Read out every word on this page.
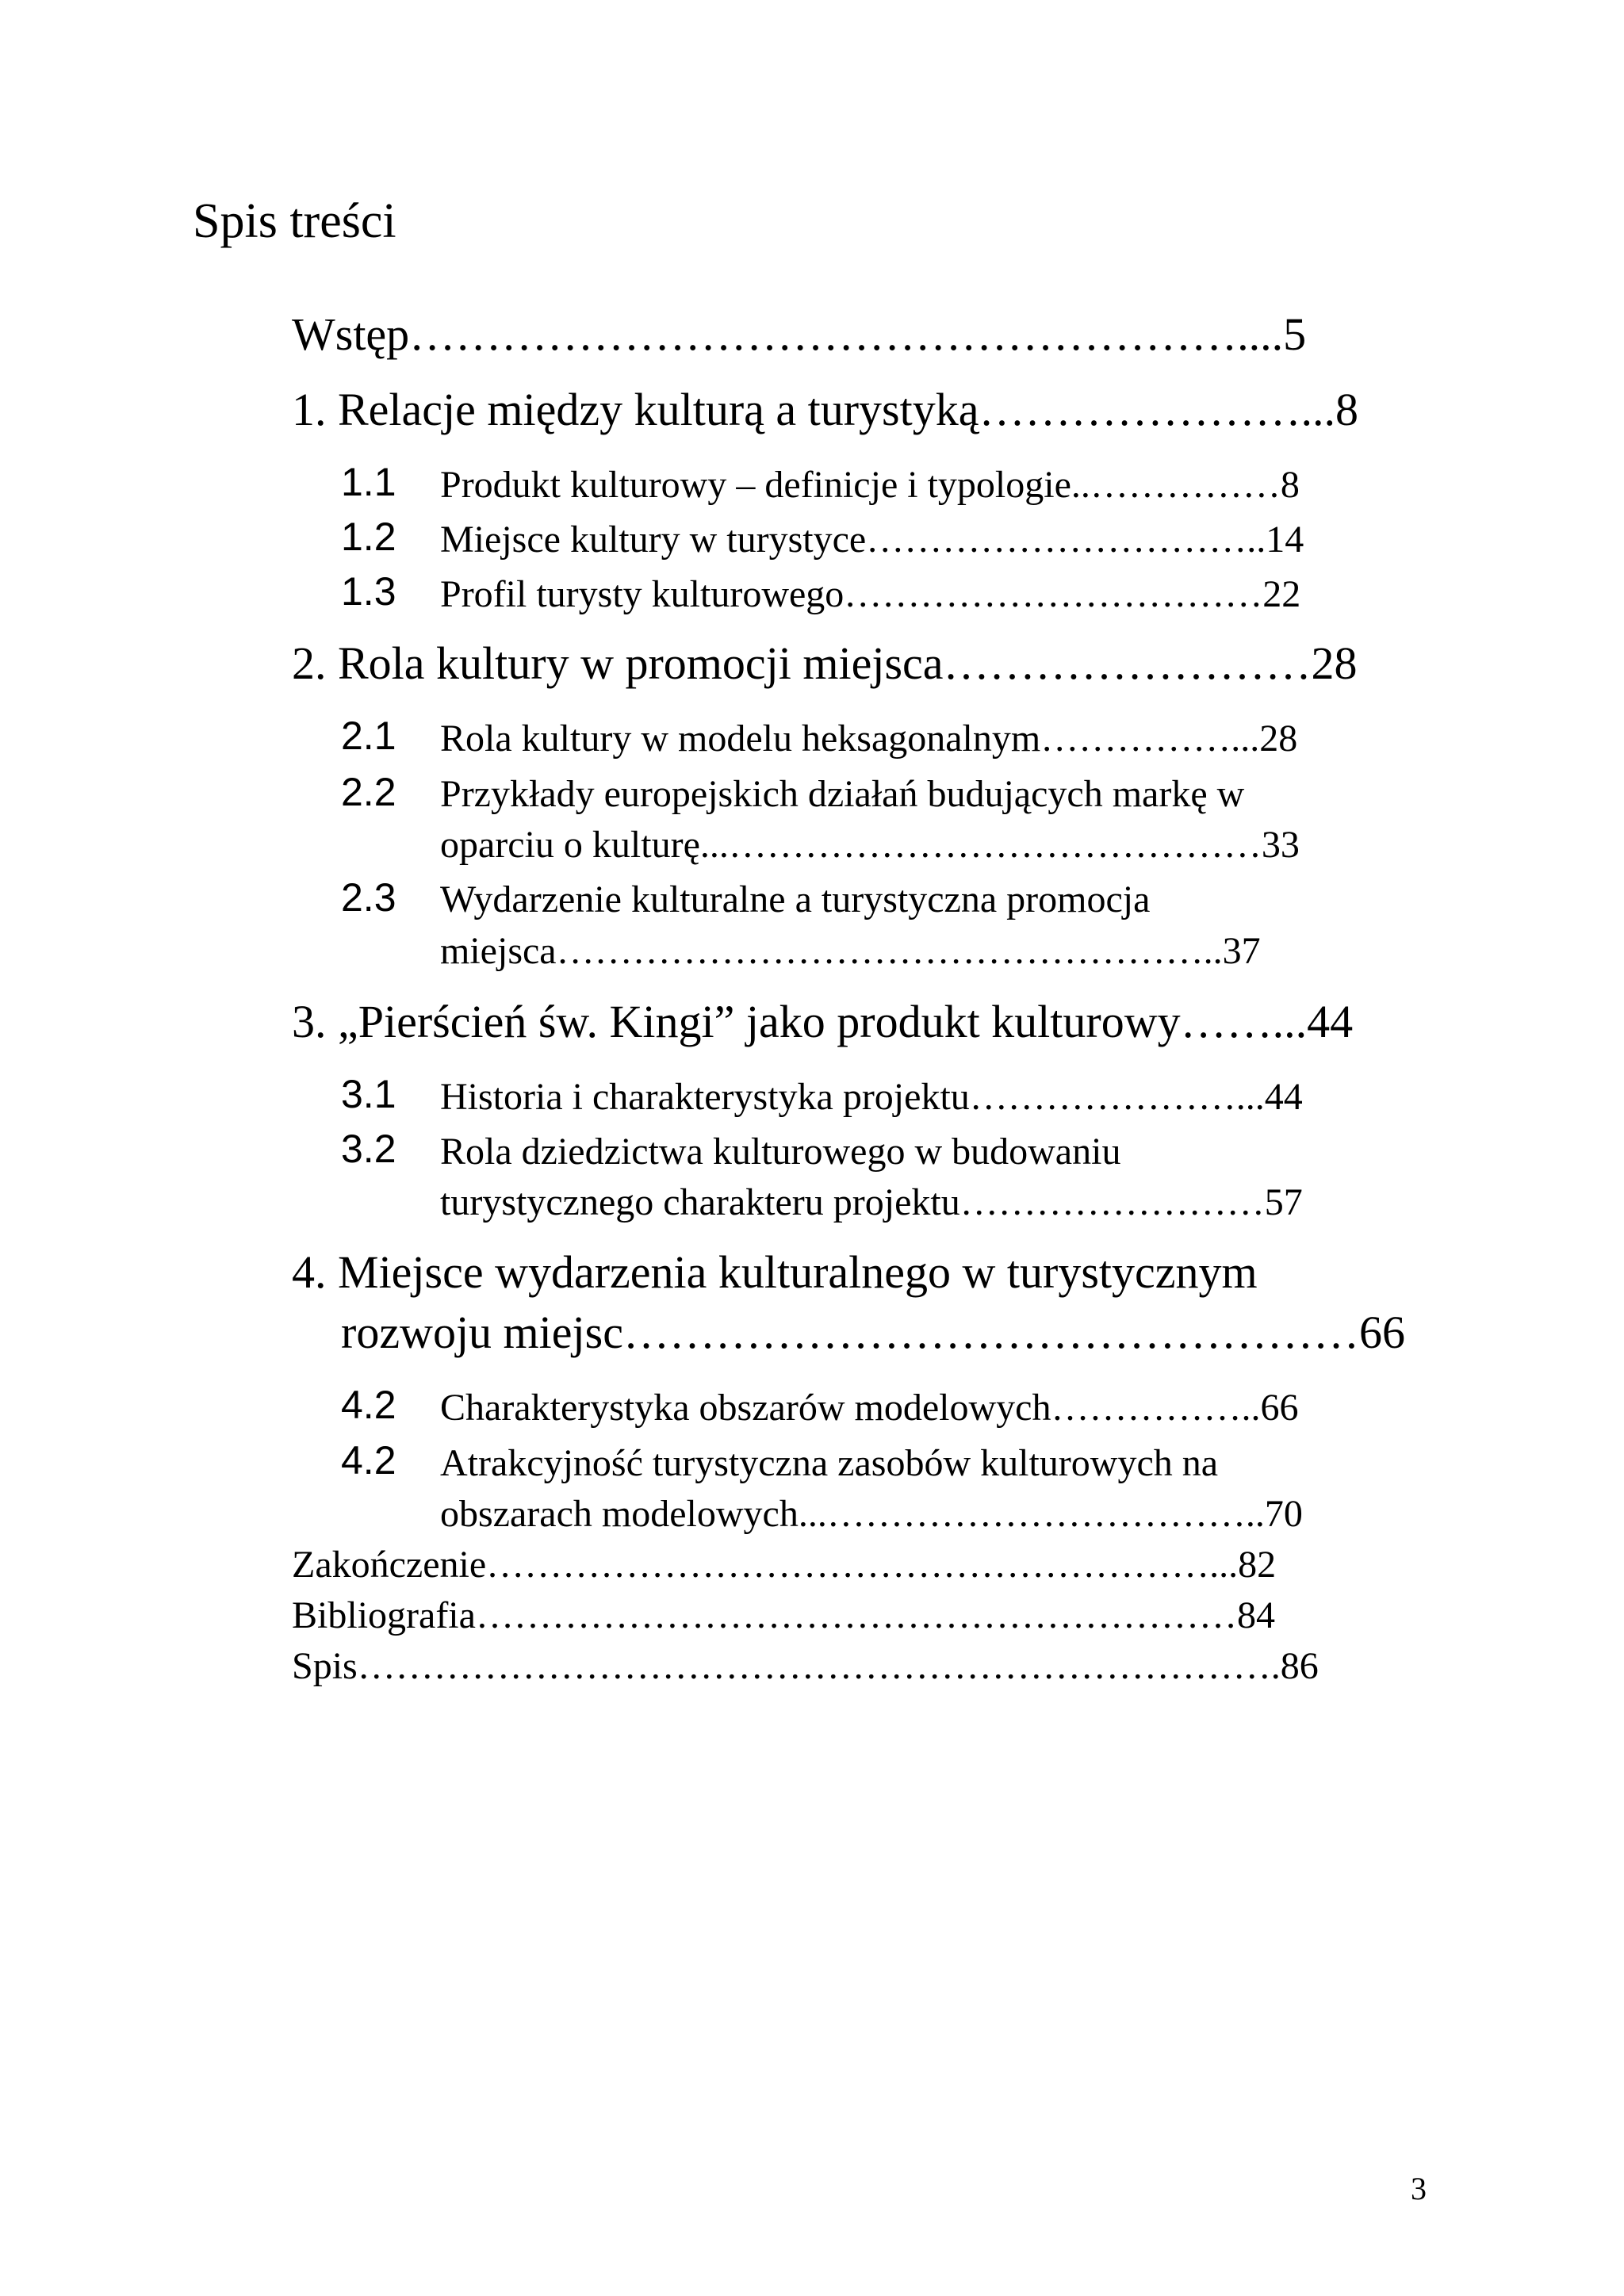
Spis treści
Wstęp………………………………………………....5
1. Relacje między kulturą a turystyką…………………...8
1.1 Produkt kulturowy – definicje i typologie..……………8
1.2 Miejsce kultury w turystyce…………………………..14
1.3 Profil turysty kulturowego……………………………22
2. Rola kultury w promocji miejsca……………………28
2.1 Rola kultury w modelu heksagonalnym……………...28
2.2 Przykłady europejskich działań budujących markę w
oparciu o kulturę...……………………………………33
2.3 Wydarzenie kulturalne a turystyczna promocja
miejsca……………………………………………..37
3. „Pierścień św. Kingi” jako produkt kulturowy……...44
3.1 Historia i charakterystyka projektu…………………...44
3.2 Rola dziedzictwa kulturowego w budowaniu
turystycznego charakteru projektu……………………57
4. Miejsce wydarzenia kulturalnego w turystycznym
rozwoju miejsc…………………………………………66
4.2 Charakterystyka obszarów modelowych……………..66
4.2 Atrakcyjność turystyczna zasobów kulturowych na
obszarach modelowych...……………………………..70
Zakończenie…………………………………………………...82
Bibliografia……………………………………………………84
Spis……………………………………………………………….86
3
